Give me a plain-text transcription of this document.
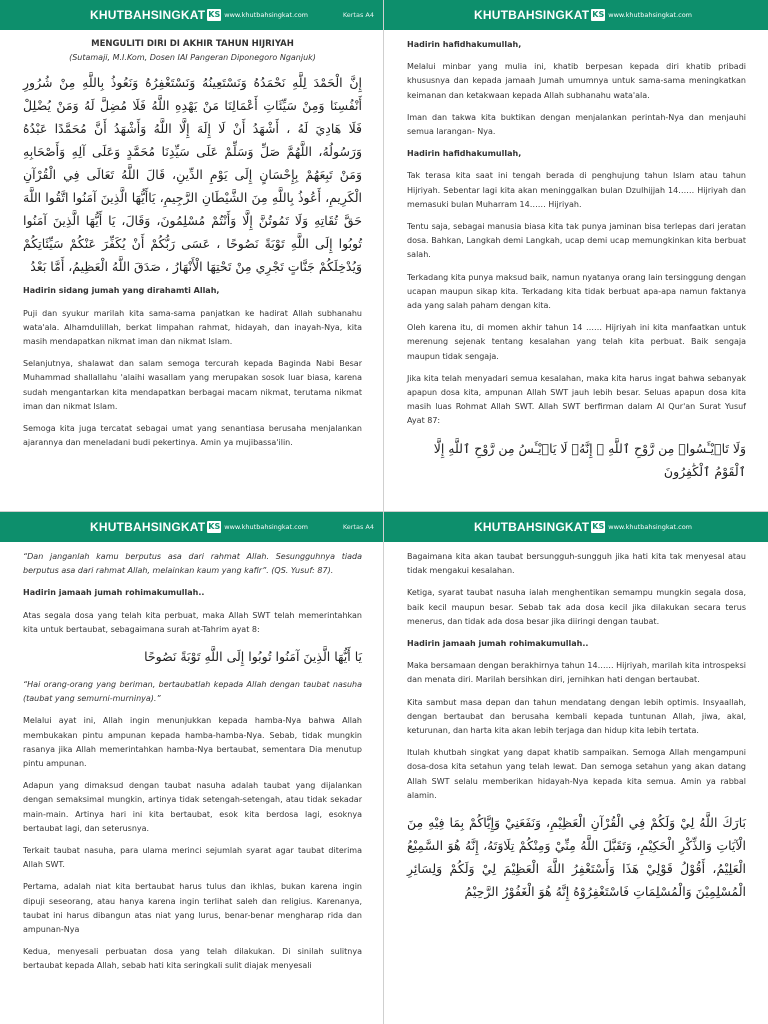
KHUTBAHSINGKAT KS www.khutbahsingkat.com	Kertas A4
MENGULITI DIRI DI AKHIR TAHUN HIJRIYAH
(Sutamaji, M.I.Kom, Dosen IAI Pangeran Diponegoro Nganjuk)
إِنَّ الْحَمْدَ لِلَّهِ نَحْمَدُهُ وَنَسْتَعِينُهُ وَنَسْتَغْفِرُهُ وَنَعُوذُ بِاللَّهِ مِنْ شُرُورِ أَنْفُسِنَا وَمِنْ سَيِّئَاتِ أَعْمَالِنَا مَنْ يَهْدِهِ اللَّهُ فَلَا مُضِلَّ لَهُ وَمَنْ يُضْلِلْ فَلَا هَادِيَ لَهُ ، أَشْهَدُ أَنْ لَا إِلَهَ إِلَّا اللَّهُ وَأَشْهَدُ أَنَّ مُحَمَّدًا عَبْدُهُ وَرَسُولُهُ، اللَّهُمَّ صَلِّ وَسَلِّمْ عَلَى سَيِّدِنَا مُحَمَّدٍ وَعَلَى آلِهِ وَأَصْحَابِهِ وَمَنْ تَبِعَهُمْ بِإِحْسَانٍ إِلَى يَوْمِ الدِّينِ، قَالَ اللَّهُ تَعَالَى فِي الْقُرْآنِ الْكَرِيمِ، أَعُوذُ بِاللَّهِ مِنَ الشَّيْطَانِ الرَّجِيمِ، يَاأَيُّهَا الَّذِينَ آمَنُوا اتَّقُوا اللَّهَ حَقَّ تُقَاتِهِ وَلَا تَمُوتُنَّ إِلَّا وَأَنْتُمْ مُسْلِمُونَ، وَقَالَ، يَا أَيُّهَا الَّذِينَ آمَنُوا تُوبُوا إِلَى اللَّهِ تَوْبَةً نَصُوحًا ، عَسَى رَبُّكُمْ أَنْ يُكَفِّرَ عَنْكُمْ سَيِّئَاتِكُمْ وَيُدْخِلَكُمْ جَنَّاتٍ تَجْرِي مِنْ تَحْتِهَا الْأَنْهَارُ ، صَدَقَ اللَّهُ الْعَظِيمُ، أَمَّا بَعْدُ
Hadirin sidang jumah yang dirahamti Allah,

Puji dan syukur marilah kita sama-sama panjatkan ke hadirat Allah subhanahu wata'ala. Alhamdulillah, berkat limpahan rahmat, hidayah, dan inayah-Nya, kita masih mendapatkan nikmat iman dan nikmat Islam.

Selanjutnya, shalawat dan salam semoga tercurah kepada Baginda Nabi Besar Muhammad shallallahu 'alaihi wasallam yang merupakan sosok luar biasa, karena sudah mengantarkan kita mendapatkan berbagai macam nikmat, terutama nikmat iman dan nikmat Islam.

Semoga kita juga tercatat sebagai umat yang senantiasa berusaha menjalankan ajarannya dan meneladani budi pekertinya. Amin ya mujibassa'ilin.

KHUTBAHSINGKAT KS www.khutbahsingkat.com
Hadirin hafidhakumullah,

Melalui minbar yang mulia ini, khatib berpesan kepada diri khatib pribadi khususnya dan kepada jamaah Jumah umumnya untuk sama-sama meningkatkan keimanan dan ketakwaan kepada Allah subhanahu wata'ala.

Iman dan takwa kita buktikan dengan menjalankan perintah-Nya dan menjauhi semua larangan- Nya.

Hadirin hafidhakumullah,

Tak terasa kita saat ini tengah berada di penghujung tahun Islam atau tahun Hijriyah. Sebentar lagi kita akan meninggalkan bulan Dzulhijjah 14…… Hijriyah dan memasuki bulan Muharram 14…… Hijriyah.

Tentu saja, sebagai manusia biasa kita tak punya jaminan bisa terlepas dari jeratan dosa. Bahkan, Langkah demi Langkah, ucap demi ucap memungkinkan kita berbuat salah.

Terkadang kita punya maksud baik, namun nyatanya orang lain tersinggung dengan ucapan maupun sikap kita. Terkadang kita tidak berbuat apa-apa namun faktanya ada yang salah paham dengan kita.

Oleh karena itu, di momen akhir tahun 14 …… Hijriyah ini kita manfaatkan untuk merenung sejenak tentang kesalahan yang telah kita perbuat. Baik sengaja maupun tidak sengaja.

Jika kita telah menyadari semua kesalahan, maka kita harus ingat bahwa sebanyak apapun dosa kita, ampunan Allah SWT jauh lebih besar. Seluas apapun dosa kita masih luas Rohmat Allah SWT. Allah SWT berfirman dalam Al Qur'an Surat Yusuf Ayat 87:

وَلَا تَا۟يْـَٔسُوا۟ مِن رَّوْحِ ٱللَّهِ ۖ إِنَّهُۥ لَا يَا۟يْـَٔسُ مِن رَّوْحِ ٱللَّهِ إِلَّا ٱلْقَوْمُ ٱلْكَٰفِرُونَ
KHUTBAHSINGKAT KS www.khutbahsingkat.com	Kertas A4

“Dan janganlah kamu berputus asa dari rahmat Allah. Sesungguhnya tiada berputus asa dari rahmat Allah, melainkan kaum yang kafir”. (QS. Yusuf: 87).

Hadirin jamaah jumah rohimakumullah..

Atas segala dosa yang telah kita perbuat, maka Allah SWT telah memerintahkan kita untuk bertaubat, sebagaimana surah at-Tahrim ayat 8:

يَا أَيُّهَا الَّذِينَ آمَنُوا تُوبُوا إِلَى اللَّهِ تَوْبَةً نَصُوحًا

“Hai orang-orang yang beriman, bertaubatlah kepada Allah dengan taubat nasuha (taubat yang semurni-murninya).”

Melalui ayat ini, Allah ingin menunjukkan kepada hamba-Nya bahwa Allah membukakan pintu ampunan kepada hamba-hamba-Nya. Sebab, tidak mungkin rasanya jika Allah memerintahkan hamba-Nya bertaubat, sementara Dia menutup pintu ampunan.

Adapun yang dimaksud dengan taubat nasuha adalah taubat yang dijalankan dengan semaksimal mungkin, artinya tidak setengah-setengah, atau tidak sekadar main-main. Artinya hari ini kita bertaubat, esok kita berdosa lagi, esoknya bertaubat lagi, dan seterusnya.

Terkait taubat nasuha, para ulama merinci sejumlah syarat agar taubat diterima Allah SWT.

Pertama, adalah niat kita bertaubat harus tulus dan ikhlas, bukan karena ingin dipuji seseorang, atau hanya karena ingin terlihat saleh dan religius. Karenanya, taubat ini harus dibangun atas niat yang lurus, benar-benar mengharap rida dan ampunan-Nya

Kedua, menyesali perbuatan dosa yang telah dilakukan. Di sinilah sulitnya bertaubat kepada Allah, sebab hati kita seringkali sulit diajak menyesali

KHUTBAHSINGKAT KS www.khutbahsingkat.com

Bagaimana kita akan taubat bersungguh-sungguh jika hati kita tak menyesal atau tidak mengakui kesalahan.

Ketiga, syarat taubat nasuha ialah menghentikan semampu mungkin segala dosa, baik kecil maupun besar. Sebab tak ada dosa kecil jika dilakukan secara terus menerus, dan tidak ada dosa besar jika diiringi dengan taubat.

Hadirin jamaah jumah rohimakumullah..

Maka bersamaan dengan berakhirnya tahun 14…… Hijriyah, marilah kita introspeksi dan menata diri. Marilah bersihkan diri, jernihkan hati dengan bertaubat.

Kita sambut masa depan dan tahun mendatang dengan lebih optimis. Insyaallah, dengan bertaubat dan berusaha kembali kepada tuntunan Allah, jiwa, akal, keturunan, dan harta kita akan lebih terjaga dan hidup kita lebih tertata.

Itulah khutbah singkat yang dapat khatib sampaikan. Semoga Allah mengampuni dosa-dosa kita setahun yang telah lewat. Dan semoga setahun yang akan datang Allah SWT selalu memberikan hidayah-Nya kepada kita semua. Amin ya rabbal alamin.

بَارَكَ اللَّهُ لِيْ وَلَكُمْ فِي الْقُرْآنِ الْعَظِيْمِ، وَنَفَعَنِيْ وَإِيَّاكُمْ بِمَا فِيْهِ مِنَ الْآيَاتِ وَالذِّكْرِ الْحَكِيْمِ، وَتَقَبَّلَ اللَّهُ مِنِّيْ وَمِنْكُمْ تِلَاوَتَهُ، إِنَّهُ هُوَ السَّمِيْعُ الْعَلِيْمُ، أَقُوْلُ قَوْلِيْ هَذَا وَأَسْتَغْفِرُ اللَّهَ الْعَظِيْمَ لِيْ وَلَكُمْ وَلِسَائِرِ الْمُسْلِمِيْنَ وَالْمُسْلِمَاتِ فَاسْتَغْفِرُوْهُ إِنَّهُ هُوَ الْغَفُوْرُ الرَّحِيْمُ
